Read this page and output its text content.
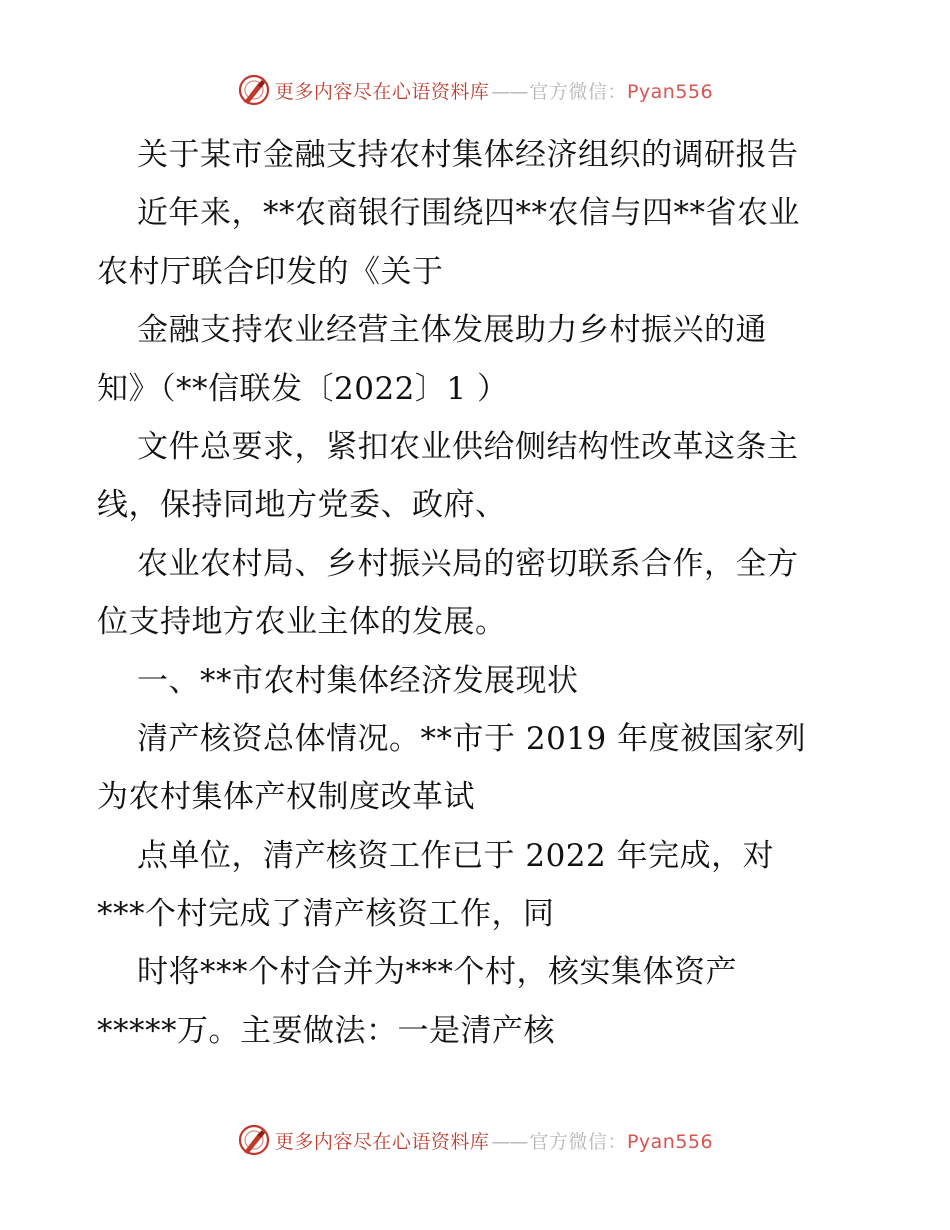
更多内容尽在心语资料库 —— 官方微信：Pyan556
关于某市金融支持农村集体经济组织的调研报告
近年来，**农商银行围绕四**农信与四**省农业
农村厅联合印发的《关于
金融支持农业经营主体发展助力乡村振兴的通
知》（**信联发〔2022〕1 ）
文件总要求，紧扣农业供给侧结构性改革这条主
线，保持同地方党委、政府、
农业农村局、乡村振兴局的密切联系合作，全方
位支持地方农业主体的发展。
一、**市农村集体经济发展现状
清产核资总体情况。**市于 2019 年度被国家列
为农村集体产权制度改革试
点单位，清产核资工作已于 2022 年完成，对
***个村完成了清产核资工作，同
时将***个村合并为***个村，核实集体资产
*****万。主要做法：一是清产核
更多内容尽在心语资料库 —— 官方微信：Pyan556
